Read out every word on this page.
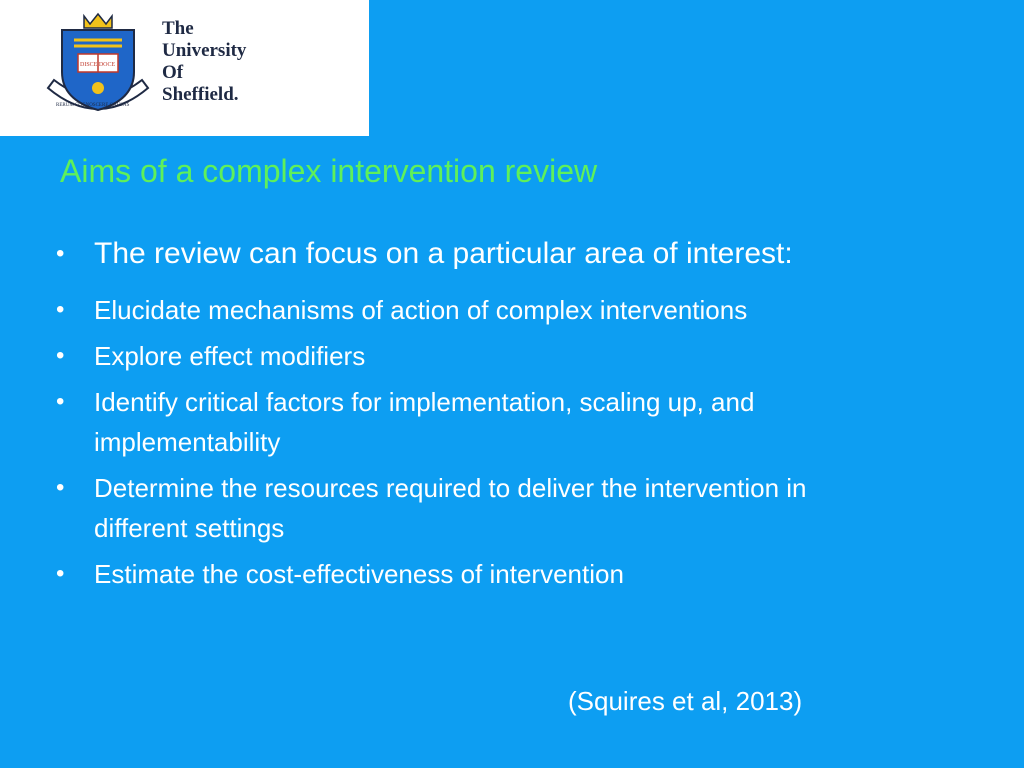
DISCE DOCE
RERUM COGNOSCERE CAUSAS
The
University
Of
Sheffield.
Aims of a complex intervention review
• The review can focus on a particular area of interest:
• Elucidate mechanisms of action of complex interventions
• Explore effect modifiers
• Identify critical factors for implementation, scaling up, and implementability
• Determine the resources required to deliver the intervention in different settings
• Estimate the cost-effectiveness of intervention
(Squires et al, 2013)
